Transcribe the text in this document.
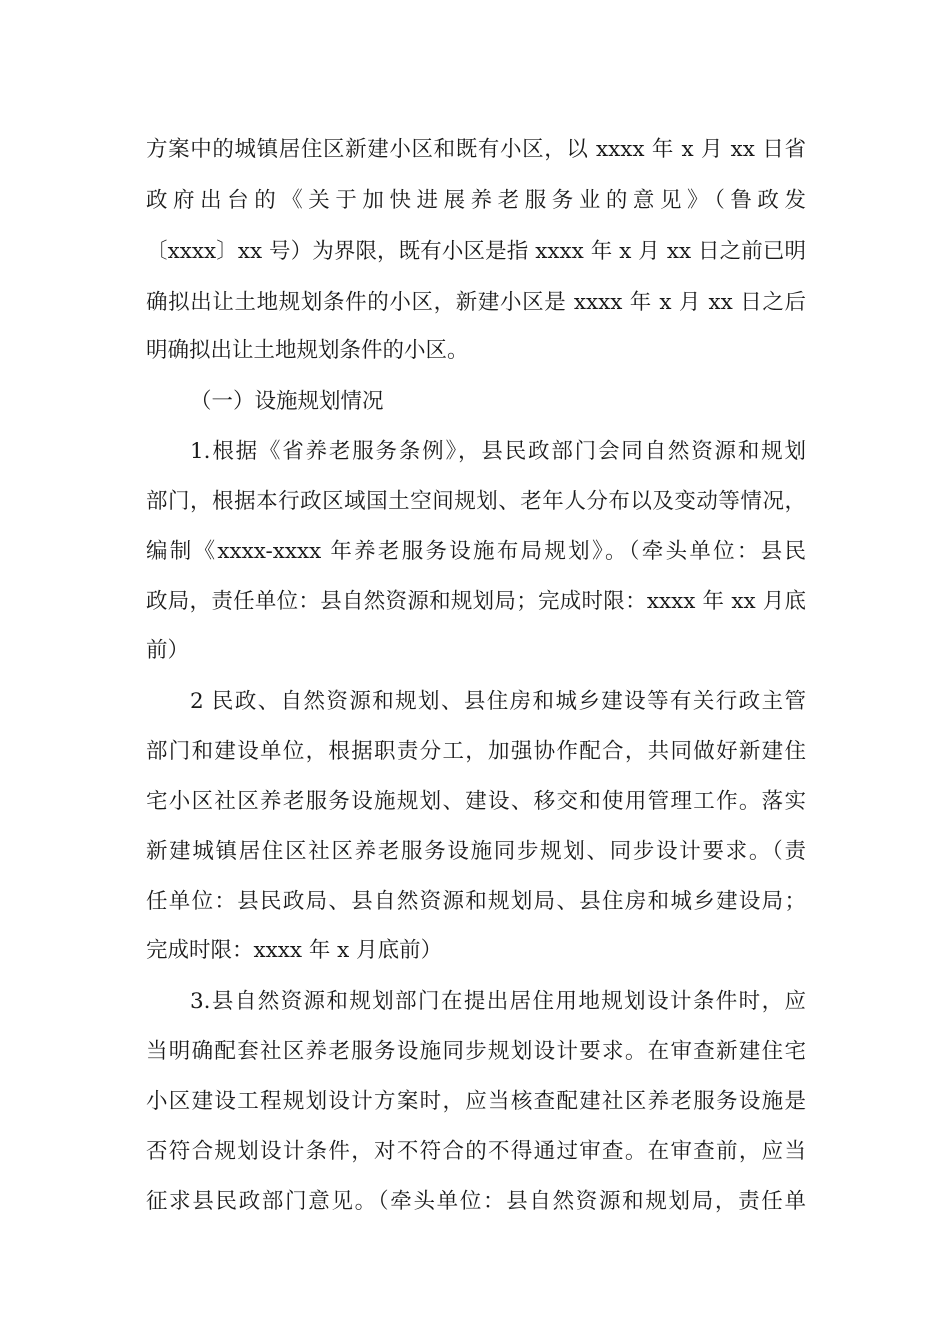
方案中的城镇居住区新建小区和既有小区，以 xxxx 年 x 月 xx 日省
政府出台的《关于加快进展养老服务业的意见》（鲁政发
〔xxxx〕xx 号）为界限，既有小区是指 xxxx 年 x 月 xx 日之前已明
确拟出让土地规划条件的小区，新建小区是 xxxx 年 x 月 xx 日之后
明确拟出让土地规划条件的小区。
（一）设施规划情况
1.根据《省养老服务条例》，县民政部门会同自然资源和规划
部门，根据本行政区域国土空间规划、老年人分布以及变动等情况，
编制《xxxx-xxxx 年养老服务设施布局规划》。（牵头单位：县民
政局，责任单位：县自然资源和规划局；完成时限：xxxx 年 xx 月底
前）
2 民政、自然资源和规划、县住房和城乡建设等有关行政主管
部门和建设单位，根据职责分工，加强协作配合，共同做好新建住
宅小区社区养老服务设施规划、建设、移交和使用管理工作。落实
新建城镇居住区社区养老服务设施同步规划、同步设计要求。（责
任单位：县民政局、县自然资源和规划局、县住房和城乡建设局；
完成时限：xxxx 年 x 月底前）
3.县自然资源和规划部门在提出居住用地规划设计条件时，应
当明确配套社区养老服务设施同步规划设计要求。在审查新建住宅
小区建设工程规划设计方案时，应当核查配建社区养老服务设施是
否符合规划设计条件，对不符合的不得通过审查。在审查前，应当
征求县民政部门意见。（牵头单位：县自然资源和规划局，责任单
